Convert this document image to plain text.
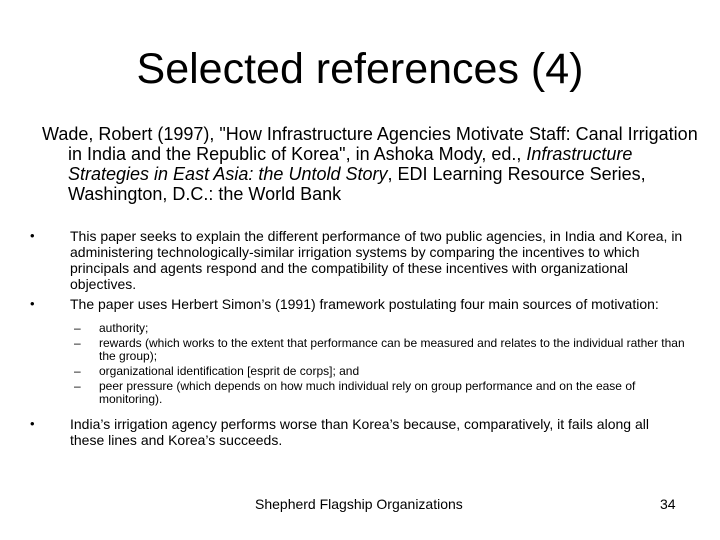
Selected references (4)
Wade, Robert (1997), "How Infrastructure Agencies Motivate Staff: Canal Irrigation in India and the Republic of Korea", in Ashoka Mody, ed., Infrastructure Strategies in East Asia: the Untold Story, EDI Learning Resource Series, Washington, D.C.: the World Bank
•	This paper seeks to explain the different performance of two public agencies, in India and Korea, in administering technologically-similar irrigation systems by comparing the incentives to which principals and agents respond and the compatibility of these incentives with organizational objectives.
•	The paper uses Herbert Simon’s (1991) framework postulating four main sources of motivation:
– authority;
– rewards (which works to the extent that performance can be measured and relates to the individual rather than the group);
– organizational identification [esprit de corps]; and
– peer pressure (which depends on how much individual rely on group performance and on the ease of monitoring).
•	India’s irrigation agency performs worse than Korea’s because, comparatively, it fails along all these lines and Korea’s succeeds.
Shepherd Flagship Organizations	34
